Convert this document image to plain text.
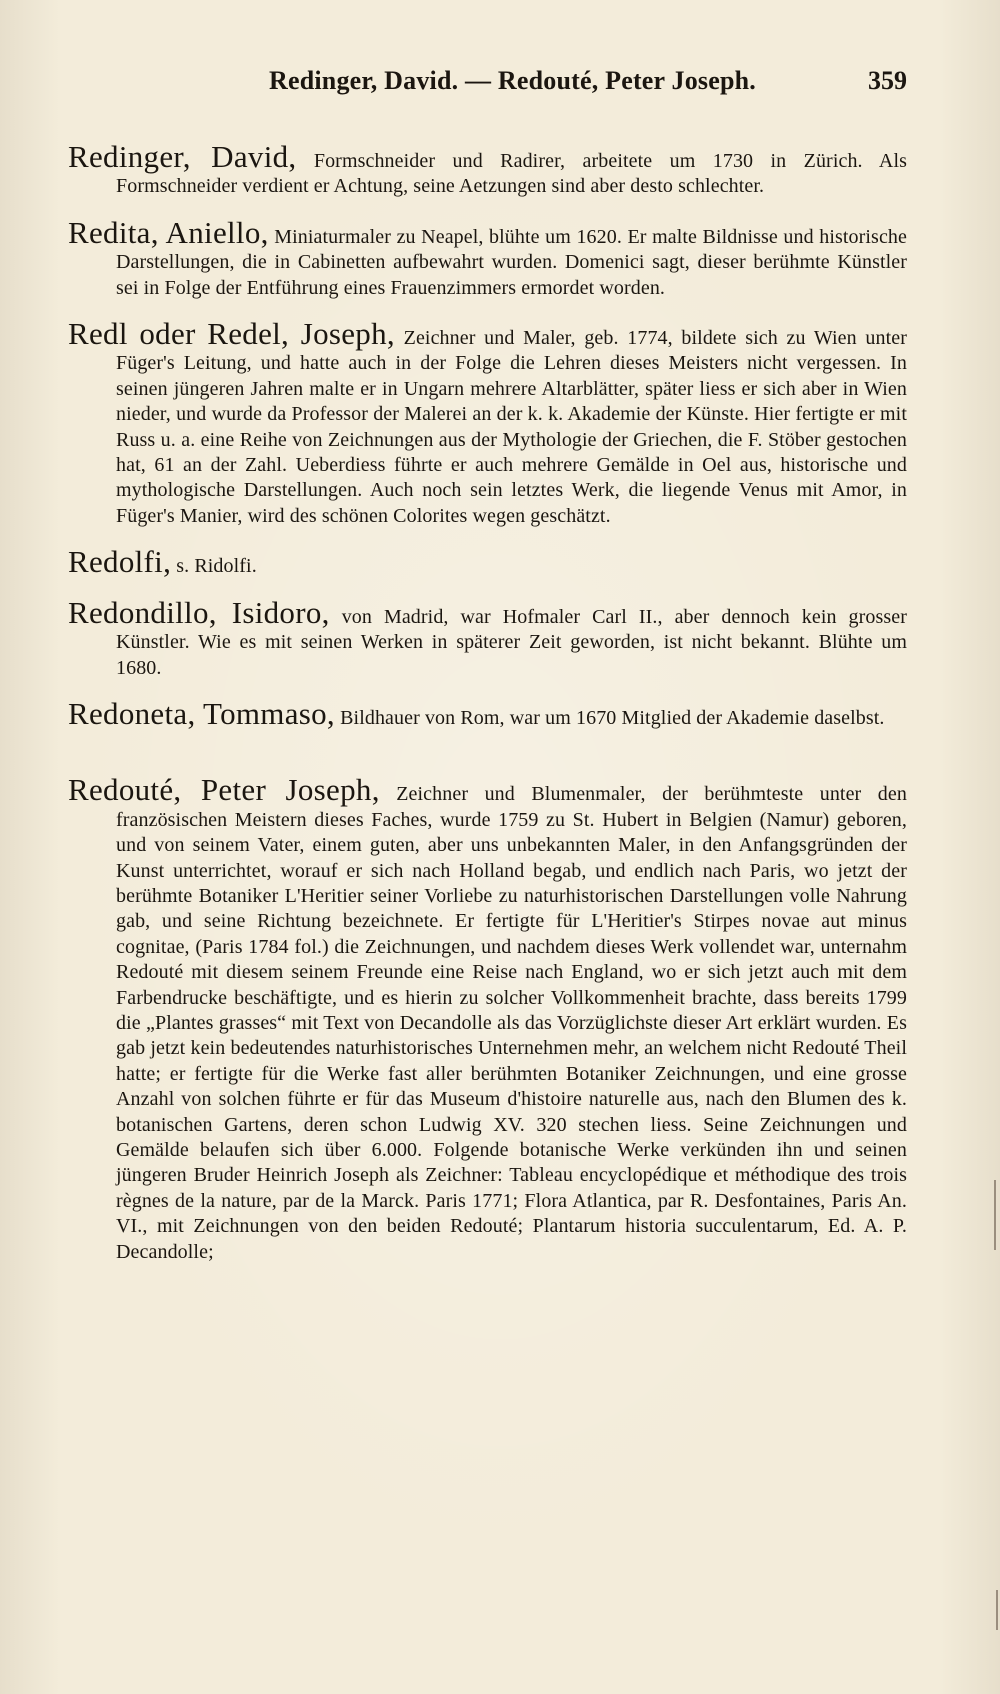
Redinger, David. — Redouté, Peter Joseph.	359

Redinger, David, Formschneider und Radirer, arbeitete um 1730 in Zürich. Als Formschneider verdient er Achtung, seine Aetzungen sind aber desto schlechter.

Redita, Aniello, Miniaturmaler zu Neapel, blühte um 1620. Er malte Bildnisse und historische Darstellungen, die in Cabinetten aufbewahrt wurden. Domenici sagt, dieser berühmte Künstler sei in Folge der Entführung eines Frauenzimmers ermordet worden.

Redl oder Redel, Joseph, Zeichner und Maler, geb. 1774, bildete sich zu Wien unter Füger's Leitung, und hatte auch in der Folge die Lehren dieses Meisters nicht vergessen. In seinen jüngeren Jahren malte er in Ungarn mehrere Altarblätter, später liess er sich aber in Wien nieder, und wurde da Professor der Malerei an der k. k. Akademie der Künste. Hier fertigte er mit Russ u. a. eine Reihe von Zeichnungen aus der Mythologie der Griechen, die F. Stöber gestochen hat, 61 an der Zahl. Ueberdiess führte er auch mehrere Gemälde in Oel aus, historische und mythologische Darstellungen. Auch noch sein letztes Werk, die liegende Venus mit Amor, in Füger's Manier, wird des schönen Colorites wegen geschätzt.

Redolfi, s. Ridolfi.

Redondillo, Isidoro, von Madrid, war Hofmaler Carl II., aber dennoch kein grosser Künstler. Wie es mit seinen Werken in späterer Zeit geworden, ist nicht bekannt. Blühte um 1680.

Redoneta, Tommaso, Bildhauer von Rom, war um 1670 Mitglied der Akademie daselbst.

Redouté, Peter Joseph, Zeichner und Blumenmaler, der berühmteste unter den französischen Meistern dieses Faches, wurde 1759 zu St. Hubert in Belgien (Namur) geboren, und von seinem Vater, einem guten, aber uns unbekannten Maler, in den Anfangsgründen der Kunst unterrichtet, worauf er sich nach Holland begab, und endlich nach Paris, wo jetzt der berühmte Botaniker L'Heritier seiner Vorliebe zu naturhistorischen Darstellungen volle Nahrung gab, und seine Richtung bezeichnete. Er fertigte für L'Heritier's Stirpes novae aut minus cognitae, (Paris 1784 fol.) die Zeichnungen, und nachdem dieses Werk vollendet war, unternahm Redouté mit diesem seinem Freunde eine Reise nach England, wo er sich jetzt auch mit dem Farbendrucke beschäftigte, und es hierin zu solcher Vollkommenheit brachte, dass bereits 1799 die „Plantes grasses“ mit Text von Decandolle als das Vorzüglichste dieser Art erklärt wurden. Es gab jetzt kein bedeutendes naturhistorisches Unternehmen mehr, an welchem nicht Redouté Theil hatte; er fertigte für die Werke fast aller berühmten Botaniker Zeichnungen, und eine grosse Anzahl von solchen führte er für das Museum d'histoire naturelle aus, nach den Blumen des k. botanischen Gartens, deren schon Ludwig XV. 320 stechen liess. Seine Zeichnungen und Gemälde belaufen sich über 6.000. Folgende botanische Werke verkünden ihn und seinen jüngeren Bruder Heinrich Joseph als Zeichner: Tableau encyclopédique et méthodique des trois règnes de la nature, par de la Marck. Paris 1771; Flora Atlantica, par R. Desfontaines, Paris An. VI., mit Zeichnungen von den beiden Redouté; Plantarum historia succulentarum, Ed. A. P. Decandolle;
